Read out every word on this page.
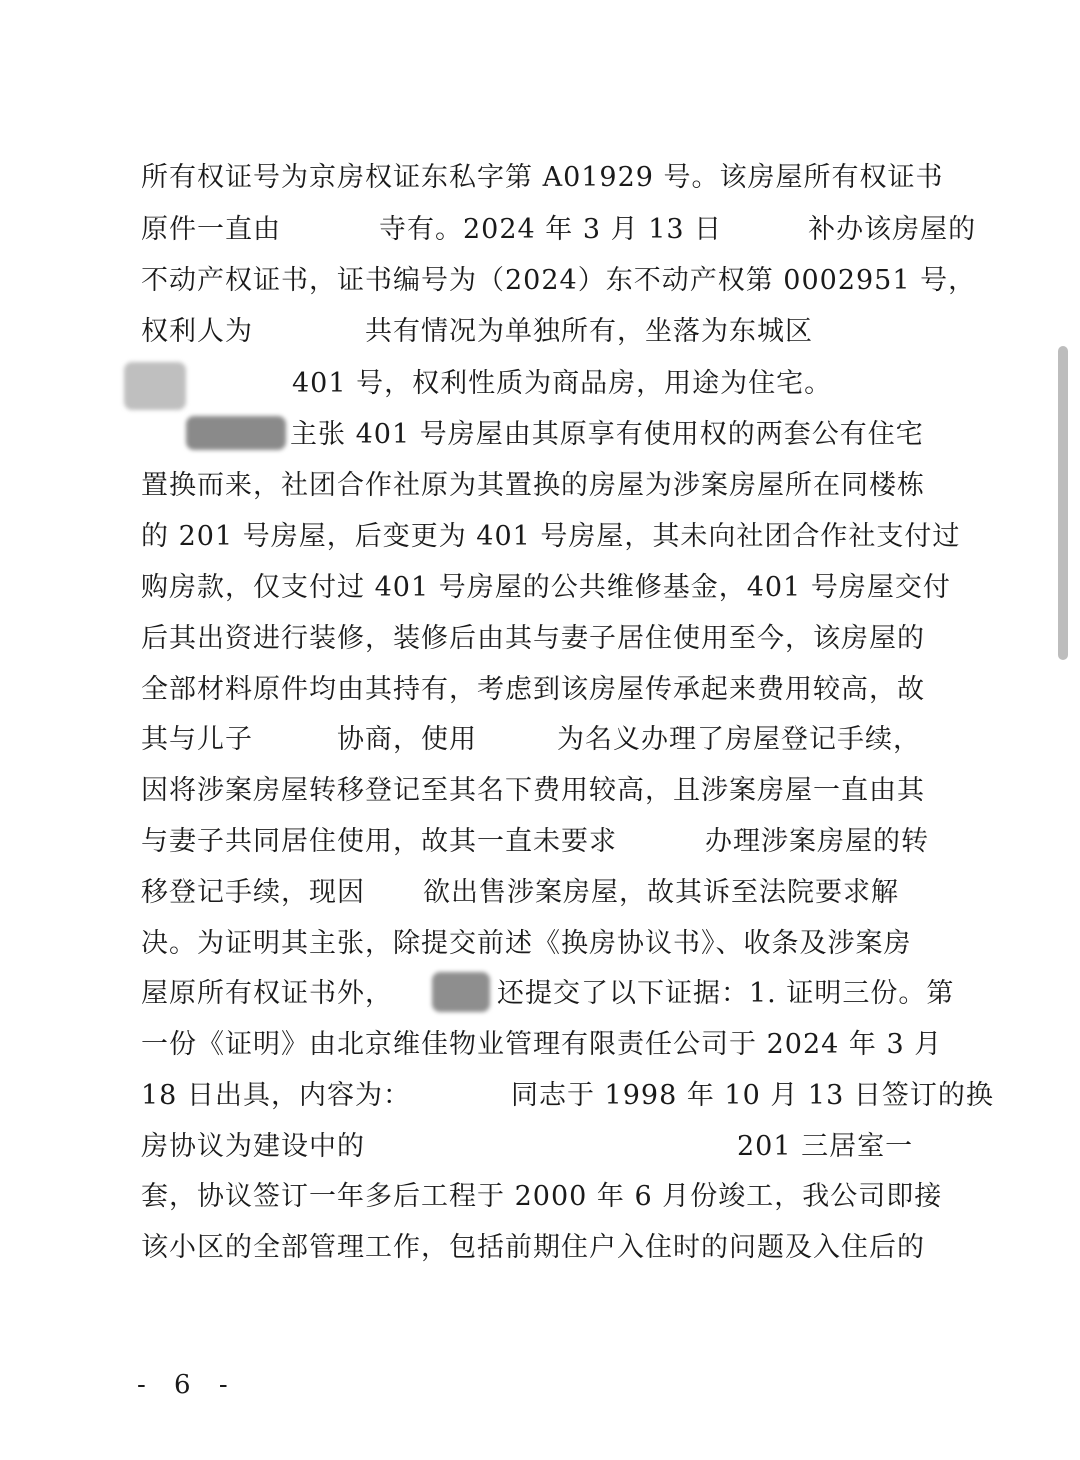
所有权证号为京房权证东私字第 A01929 号。该房屋所有权证书
原件一直由	寺有。2024 年 3 月 13 日	补办该房屋的
不动产权证书，证书编号为（2024）东不动产权第 0002951 号，
权利人为	共有情况为单独所有，坐落为东城区
401 号，权利性质为商品房，用途为住宅。
主张 401 号房屋由其原享有使用权的两套公有住宅
置换而来，社团合作社原为其置换的房屋为涉案房屋所在同楼栋
的 201 号房屋，后变更为 401 号房屋，其未向社团合作社支付过
购房款，仅支付过 401 号房屋的公共维修基金，401 号房屋交付
后其出资进行装修，装修后由其与妻子居住使用至今，该房屋的
全部材料原件均由其持有，考虑到该房屋传承起来费用较高，故
其与儿子	协商，使用	为名义办理了房屋登记手续，
因将涉案房屋转移登记至其名下费用较高，且涉案房屋一直由其
与妻子共同居住使用，故其一直未要求	办理涉案房屋的转
移登记手续，现因 欲出售涉案房屋，故其诉至法院要求解
决。为证明其主张，除提交前述《换房协议书》、收条及涉案房
屋原所有权证书外，	还提交了以下证据：1. 证明三份。第
一份《证明》由北京维佳物业管理有限责任公司于 2024 年 3 月
18 日出具，内容为：	同志于 1998 年 10 月 13 日签订的换
房协议为建设中的	201 三居室一
套，协议签订一年多后工程于 2000 年 6 月份竣工，我公司即接
该小区的全部管理工作，包括前期住户入住时的问题及入住后的
- 6 -
